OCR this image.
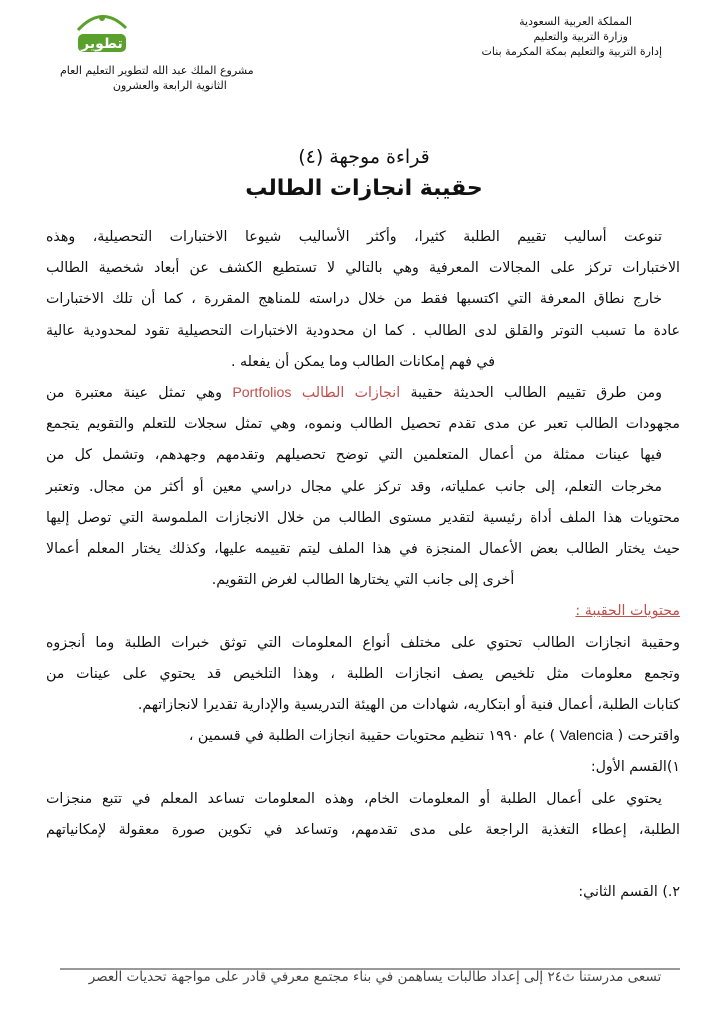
المملكة العربية السعودية
وزارة التربية والتعليم
إدارة التربية والتعليم بمكة المكرمة بنات
تطوير
مشروع الملك عبد الله لتطوير التعليم العام
الثانوية الرابعة والعشرون
قراءة موجهة (٤)
حقيبة انجازات الطالب

تنوعت أساليب تقييم الطلبة كثيرا، وأكثر الأساليب شيوعا الاختبارات التحصيلية، وهذه

الاختبارات تركز على المجالات المعرفية وهي بالتالي لا تستطيع الكشف عن أبعاد شخصية الطالب

خارج نطاق المعرفة التي اكتسبها فقط من خلال دراسته للمناهج المقررة ، كما أن تلك الاختبارات

عادة ما تسبب التوتر والقلق لدى الطالب . كما ان محدودية الاختبارات التحصيلية تقود لمحدودية عالية

في فهم إمكانات الطالب وما يمكن أن يفعله .

ومن طرق تقييم الطالب الحديثة حقيبة انجازات الطالب Portfolios وهي تمثل عينة معتبرة من

مجهودات الطالب تعبر عن مدى تقدم تحصيل الطالب ونموه، وهي تمثل سجلات للتعلم والتقويم يتجمع

فيها عينات ممثلة من أعمال المتعلمين التي توضح تحصيلهم وتقدمهم وجهدهم، وتشمل كل من

مخرجات التعلم، إلى جانب عملياته، وقد تركز علي مجال دراسي معين أو أكثر من مجال. وتعتبر

محتويات هذا الملف أداة رئيسية لتقدير مستوى الطالب من خلال الانجازات الملموسة التي توصل إليها

حيث يختار الطالب بعض الأعمال المنجزة في هذا الملف ليتم تقييمه عليها، وكذلك يختار المعلم أعمالا

أخرى إلى جانب التي يختارها الطالب لغرض التقويم.

محتويات الحقيبة :

وحقيبة انجازات الطالب تحتوي على مختلف أنواع المعلومات التي توثق خبرات الطلبة وما أنجزوه

وتجمع معلومات مثل تلخيص يصف انجازات الطلبة ، وهذا التلخيص قد يحتوي على عينات من

كتابات الطلبة، أعمال فنية أو ابتكاريه، شهادات من الهيئة التدريسية والإدارية تقديرا لانجازاتهم.

واقترحت ( Valencia ) عام ١٩٩٠ تنظيم محتويات حقيبة انجازات الطلبة في قسمين ،

١)القسم الأول:

يحتوي على أعمال الطلبة أو المعلومات الخام، وهذه المعلومات تساعد المعلم في تتبع منجزات

الطلبة، إعطاء التغذية الراجعة على مدى تقدمهم، وتساعد في تكوين صورة معقولة لإمكانياتهم

٢.) القسم الثاني:

تسعى مدرستنا ث٢٤ إلى إعداد طالبات يساهمن في بناء مجتمع معرفي قادر على مواجهة تحديات العصر
